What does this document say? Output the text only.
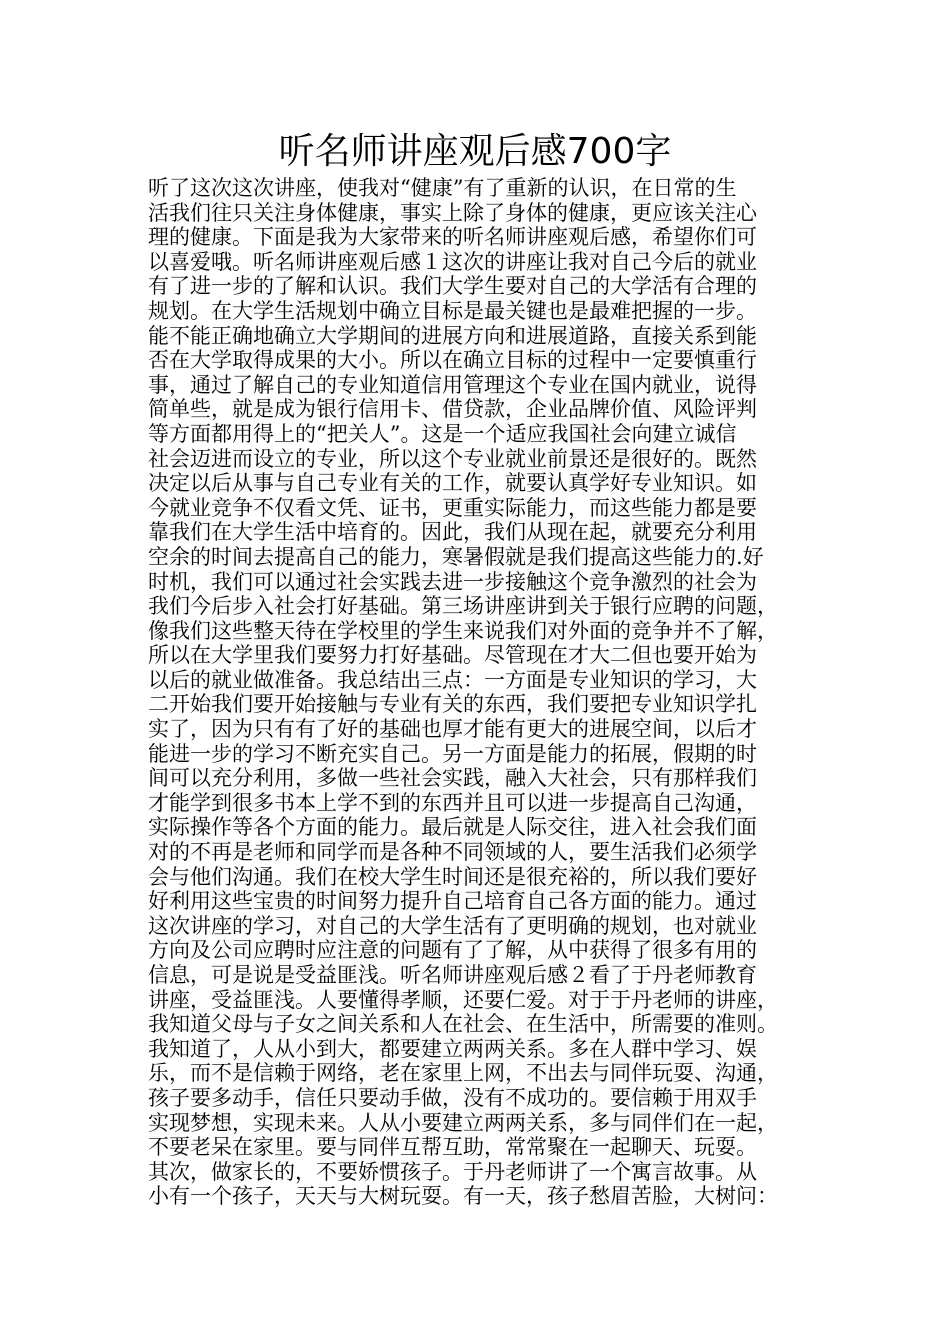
听名师讲座观后感700字
听了这次这次讲座，使我对“健康”有了重新的认识，在日常的生
活我们往只关注身体健康，事实上除了身体的健康，更应该关注心
理的健康。下面是我为大家带来的听名师讲座观后感，希望你们可
以喜爱哦。听名师讲座观后感１这次的讲座让我对自己今后的就业
有了进一步的了解和认识。我们大学生要对自己的大学活有合理的
规划。在大学生活规划中确立目标是最关键也是最难把握的一步。
能不能正确地确立大学期间的进展方向和进展道路，直接关系到能
否在大学取得成果的大小。所以在确立目标的过程中一定要慎重行
事，通过了解自己的专业知道信用管理这个专业在国内就业，说得
简单些，就是成为银行信用卡、借贷款，企业品牌价值、风险评判
等方面都用得上的“把关人”。这是一个适应我国社会向建立诚信
社会迈进而设立的专业，所以这个专业就业前景还是很好的。既然
决定以后从事与自己专业有关的工作，就要认真学好专业知识。如
今就业竞争不仅看文凭、证书，更重实际能力，而这些能力都是要
靠我们在大学生活中培育的。因此，我们从现在起，就要充分利用
空余的时间去提高自己的能力，寒暑假就是我们提高这些能力的.好
时机，我们可以通过社会实践去进一步接触这个竞争激烈的社会为
我们今后步入社会打好基础。第三场讲座讲到关于银行应聘的问题，
像我们这些整天待在学校里的学生来说我们对外面的竞争并不了解，
所以在大学里我们要努力打好基础。尽管现在才大二但也要开始为
以后的就业做准备。我总结出三点：一方面是专业知识的学习，大
二开始我们要开始接触与专业有关的东西，我们要把专业知识学扎
实了，因为只有有了好的基础也厚才能有更大的进展空间，以后才
能进一步的学习不断充实自己。另一方面是能力的拓展，假期的时
间可以充分利用，多做一些社会实践，融入大社会，只有那样我们
才能学到很多书本上学不到的东西并且可以进一步提高自己沟通，
实际操作等各个方面的能力。最后就是人际交往，进入社会我们面
对的不再是老师和同学而是各种不同领域的人，要生活我们必须学
会与他们沟通。我们在校大学生时间还是很充裕的，所以我们要好
好利用这些宝贵的时间努力提升自己培育自己各方面的能力。通过
这次讲座的学习，对自己的大学生活有了更明确的规划，也对就业
方向及公司应聘时应注意的问题有了了解，从中获得了很多有用的
信息，可是说是受益匪浅。听名师讲座观后感２看了于丹老师教育
讲座，受益匪浅。人要懂得孝顺，还要仁爱。对于于丹老师的讲座，
我知道父母与子女之间关系和人在社会、在生活中，所需要的准则。
我知道了，人从小到大，都要建立两两关系。多在人群中学习、娱
乐，而不是信赖于网络，老在家里上网，不出去与同伴玩耍、沟通，
孩子要多动手，信任只要动手做，没有不成功的。要信赖于用双手
实现梦想，实现未来。人从小要建立两两关系，多与同伴们在一起，
不要老呆在家里。要与同伴互帮互助，常常聚在一起聊天、玩耍。
其次，做家长的，不要娇惯孩子。于丹老师讲了一个寓言故事。从
小有一个孩子，天天与大树玩耍。有一天，孩子愁眉苦脸，大树问：
